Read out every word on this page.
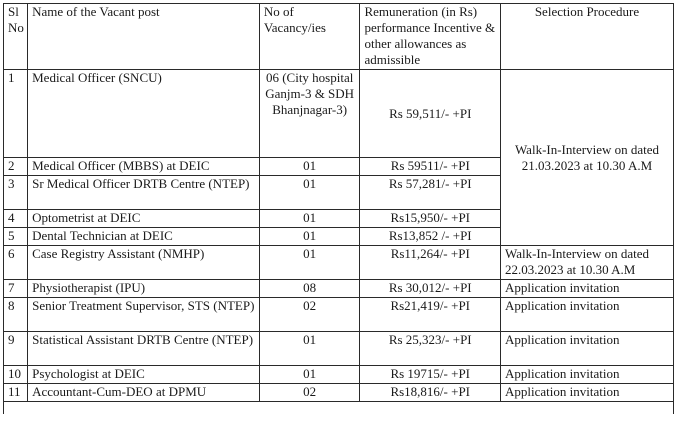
Sl No	Name of the Vacant post	No of Vacancy/ies	Remuneration (in Rs) performance Incentive & other allowances as admissible	Selection Procedure
1	Medical Officer (SNCU)	06 (City hospital Ganjm-3 & SDH Bhanjnagar-3)	Rs 59,511/- +PI	Walk-In-Interview on dated 21.03.2023 at 10.30 A.M
2	Medical Officer (MBBS) at DEIC	01	Rs 59511/- +PI	
3	Sr Medical Officer DRTB Centre (NTEP)	01	Rs 57,281/- +PI	
4	Optometrist at DEIC	01	Rs15,950/- +PI	
5	Dental Technician at DEIC	01	Rs13,852 /- +PI	
6	Case Registry Assistant (NMHP)	01	Rs11,264/- +PI	Walk-In-Interview on dated 22.03.2023 at 10.30 A.M
7	Physiotherapist (IPU)	08	Rs 30,012/- +PI	Application invitation
8	Senior Treatment Supervisor, STS (NTEP)	02	Rs21,419/- +PI	Application invitation
9	Statistical Assistant DRTB Centre (NTEP)	01	Rs 25,323/- +PI	Application invitation
10	Psychologist at DEIC	01	Rs 19715/- +PI	Application invitation
11	Accountant-Cum-DEO at DPMU	02	Rs18,816/- +PI	Application invitation
